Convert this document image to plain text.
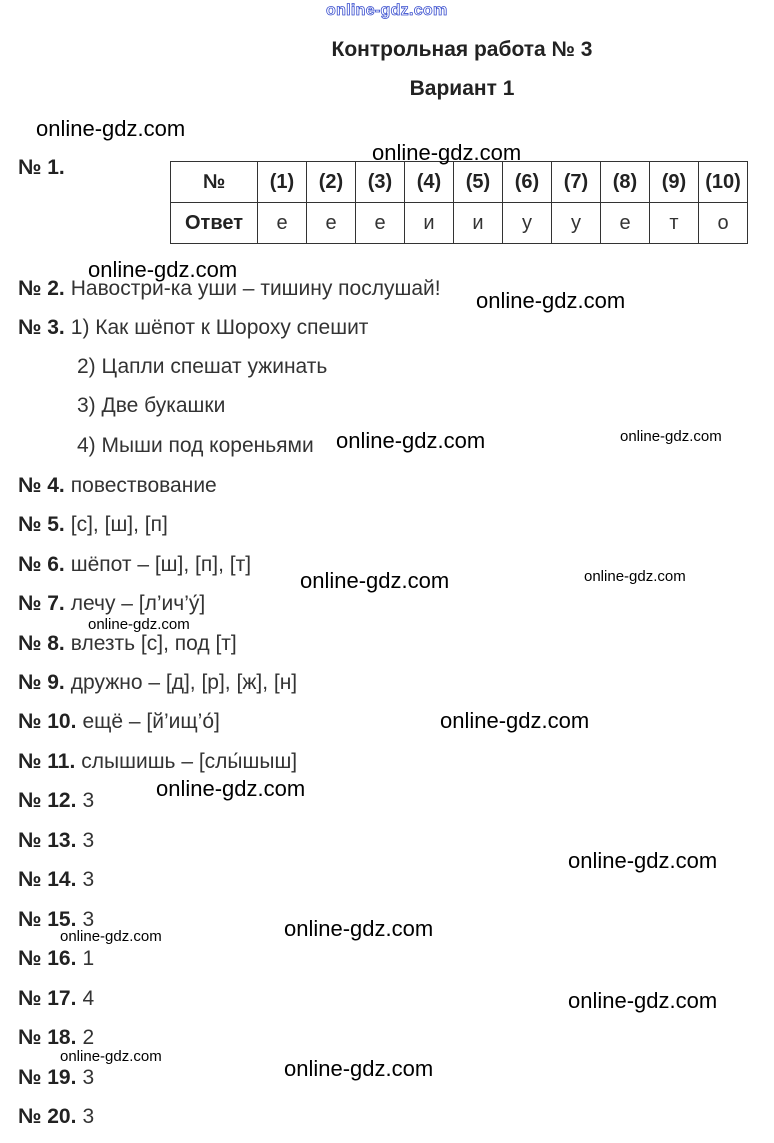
online-gdz.com
Контрольная работа № 3
Вариант 1
№ 1.
№	(1)	(2)	(3)	(4)	(5)	(6)	(7)	(8)	(9)	(10)
Ответ	е	е	е	и	и	у	у	е	т	о
№ 2. Навостри-ка уши – тишину послушай!
№ 3. 1) Как шёпот к Шороху спешит
2) Цапли спешат ужинать
3) Две букашки
4) Мыши под кореньями
№ 4. повествование
№ 5. [с], [ш], [п]
№ 6. шёпот – [ш], [п], [т]
№ 7. лечу – [л’ич’у́]
№ 8. влезть [с], под [т]
№ 9. дружно – [д], [р], [ж], [н]
№ 10. ещё – [й’ищ’о́]
№ 11. слышишь – [слы́шыш]
№ 12. 3
№ 13. 3
№ 14. 3
№ 15. 3
№ 16. 1
№ 17. 4
№ 18. 2
№ 19. 3
№ 20. 3
online-gdz.com
online-gdz.com
online-gdz.com
online-gdz.com
online-gdz.com	online-gdz.com
online-gdz.com	online-gdz.com
online-gdz.com
online-gdz.com
online-gdz.com
online-gdz.com
online-gdz.com
online-gdz.com
online-gdz.com
online-gdz.com	online-gdz.com
